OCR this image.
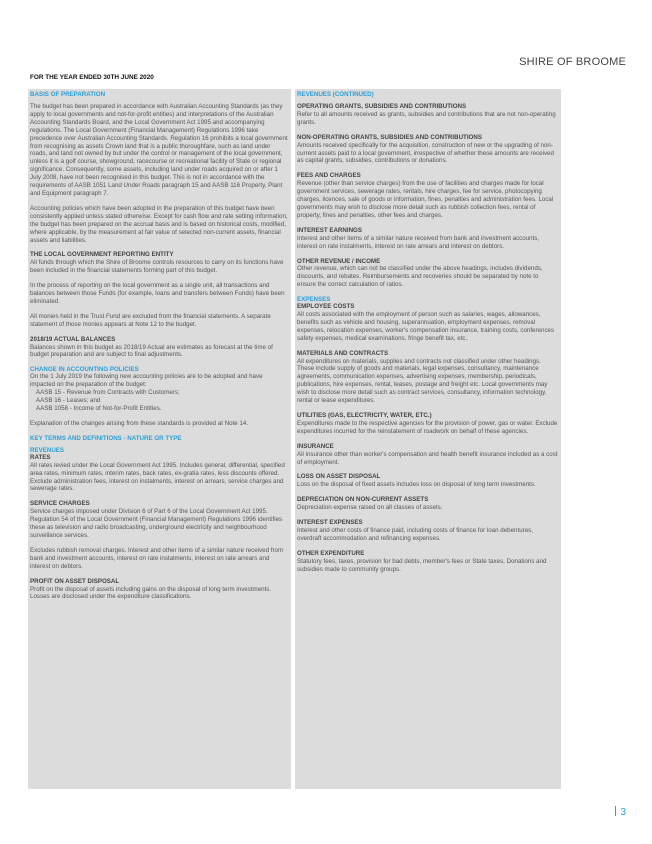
SHIRE OF BROOME
FOR THE YEAR ENDED 30TH JUNE 2020
BASIS OF PREPARATION
The budget has been prepared in accordance with Australian Accounting Standards (as they apply to local governments and not-for-profit entities) and interpretations of the Australian Accounting Standards Board, and the Local Government Act 1995 and accompanying regulations. The Local Government (Financial Management) Regulations 1996 take precedence over Australian Accounting Standards. Regulation 16 prohibits a local government from recognising as assets Crown land that is a public thoroughfare, such as land under roads, and land not owned by but under the control or management of the local government, unless it is a golf course, showground, racecourse or recreational facility of State or regional significance. Consequently, some assets, including land under roads acquired on or after 1 July 2008, have not been recognised in this budget. This is not in accordance with the requirements of AASB 1051 Land Under Roads paragraph 15 and AASB 116 Property, Plant and Equipment paragraph 7.
Accounting policies which have been adopted in the preparation of this budget have been consistently applied unless stated otherwise. Except for cash flow and rate setting information, the budget has been prepared on the accrual basis and is based on historical costs, modified, where applicable, by the measurement at fair value of selected non-current assets, financial assets and liabilities.
THE LOCAL GOVERNMENT REPORTING ENTITY
All funds through which the Shire of Broome controls resources to carry on its functions have been included in the financial statements forming part of this budget.
In the process of reporting on the local government as a single unit, all transactions and balances between those Funds (for example, loans and transfers between Funds) have been eliminated.
All monies held in the Trust Fund are excluded from the financial statements. A separate statement of those monies appears at Note 12 to the budget.
2018/19 ACTUAL BALANCES
Balances shown in this budget as 2018/19 Actual are estimates as forecast at the time of budget preparation and are subject to final adjustments.
CHANGE IN ACCOUNTING POLICIES
On the 1 July 2019 the following new accounting policies are to be adopted and have impacted on the preparation of the budget:
AASB 15 - Revenue from Contracts with Customers;
AASB 16 - Leases; and
AASB 1058 - Income of Not-for-Profit Entities.
Explanation of the changes arising from these standards is provided at Note 14.
KEY TERMS AND DEFINITIONS - NATURE OR TYPE
REVENUES
RATES
All rates levied under the Local Government Act 1995. Includes general, differential, specified area rates, minimum rates, interim rates, back rates, ex-gratia rates, less discounts offered. Exclude administration fees, interest on instalments, interest on arrears, service charges and sewerage rates.
SERVICE CHARGES
Service charges imposed under Division 6 of Part 6 of the Local Government Act 1995. Regulation 54 of the Local Government (Financial Management) Regulations 1996 identifies these as television and radio broadcasting, underground electricity and neighbourhood surveillance services.
Excludes rubbish removal charges. Interest and other items of a similar nature received from bank and investment accounts, interest on rate instalments, interest on rate arrears and interest on debtors.
PROFIT ON ASSET DISPOSAL
Profit on the disposal of assets including gains on the disposal of long term investments. Losses are disclosed under the expenditure classifications.
REVENUES (CONTINUED)
OPERATING GRANTS, SUBSIDIES AND CONTRIBUTIONS
Refer to all amounts received as grants, subsidies and contributions that are not non-operating grants.
NON-OPERATING GRANTS, SUBSIDIES AND CONTRIBUTIONS
Amounts received specifically for the acquisition, construction of new or the upgrading of non-current assets paid to a local government, irrespective of whether these amounts are received as capital grants, subsidies, contributions or donations.
FEES AND CHARGES
Revenue (other than service charges) from the use of facilities and charges made for local government services, sewerage rates, rentals, hire charges, fee for service, photocopying charges, licences, sale of goods or information, fines, penalties and administration fees. Local governments may wish to disclose more detail such as rubbish collection fees, rental of property, fines and penalties, other fees and charges.
INTEREST EARNINGS
Interest and other items of a similar nature received from bank and investment accounts, interest on rate instalments, interest on rate arrears and interest on debtors.
OTHER REVENUE / INCOME
Other revenue, which can not be classified under the above headings, includes dividends, discounts, and rebates. Reimbursements and recoveries should be separated by note to ensure the correct calculation of ratios.
EXPENSES
EMPLOYEE COSTS
All costs associated with the employment of person such as salaries, wages, allowances, benefits such as vehicle and housing, superannuation, employment expenses, removal expenses, relocation expenses, worker's compensation insurance, training costs, conferences safety expenses, medical examinations, fringe benefit tax, etc.
MATERIALS AND CONTRACTS
All expenditures on materials, supplies and contracts not classified under other headings. These include supply of goods and materials, legal expenses, consultancy, maintenance agreements, communication expenses, advertising expenses, membership, periodicals, publications, hire expenses, rental, leases, postage and freight etc. Local governments may wish to disclose more detail such as contract services, consultancy, information technology, rental or lease expenditures.
UTILITIES (GAS, ELECTRICITY, WATER, ETC.)
Expenditures made to the respective agencies for the provision of power, gas or water. Exclude expenditures incurred for the reinstatement of roadwork on behalf of these agencies.
INSURANCE
All insurance other than worker's compensation and health benefit insurance included as a cost of employment.
LOSS ON ASSET DISPOSAL
Loss on the disposal of fixed assets includes loss on disposal of long term investments.
DEPRECIATION ON NON-CURRENT ASSETS
Depreciation expense raised on all classes of assets.
INTEREST EXPENSES
Interest and other costs of finance paid, including costs of finance for loan debentures, overdraft accommodation and refinancing expenses.
OTHER EXPENDITURE
Statutory fees, taxes, provision for bad debts, member's fees or State taxes. Donations and subsidies made to community groups.
3
